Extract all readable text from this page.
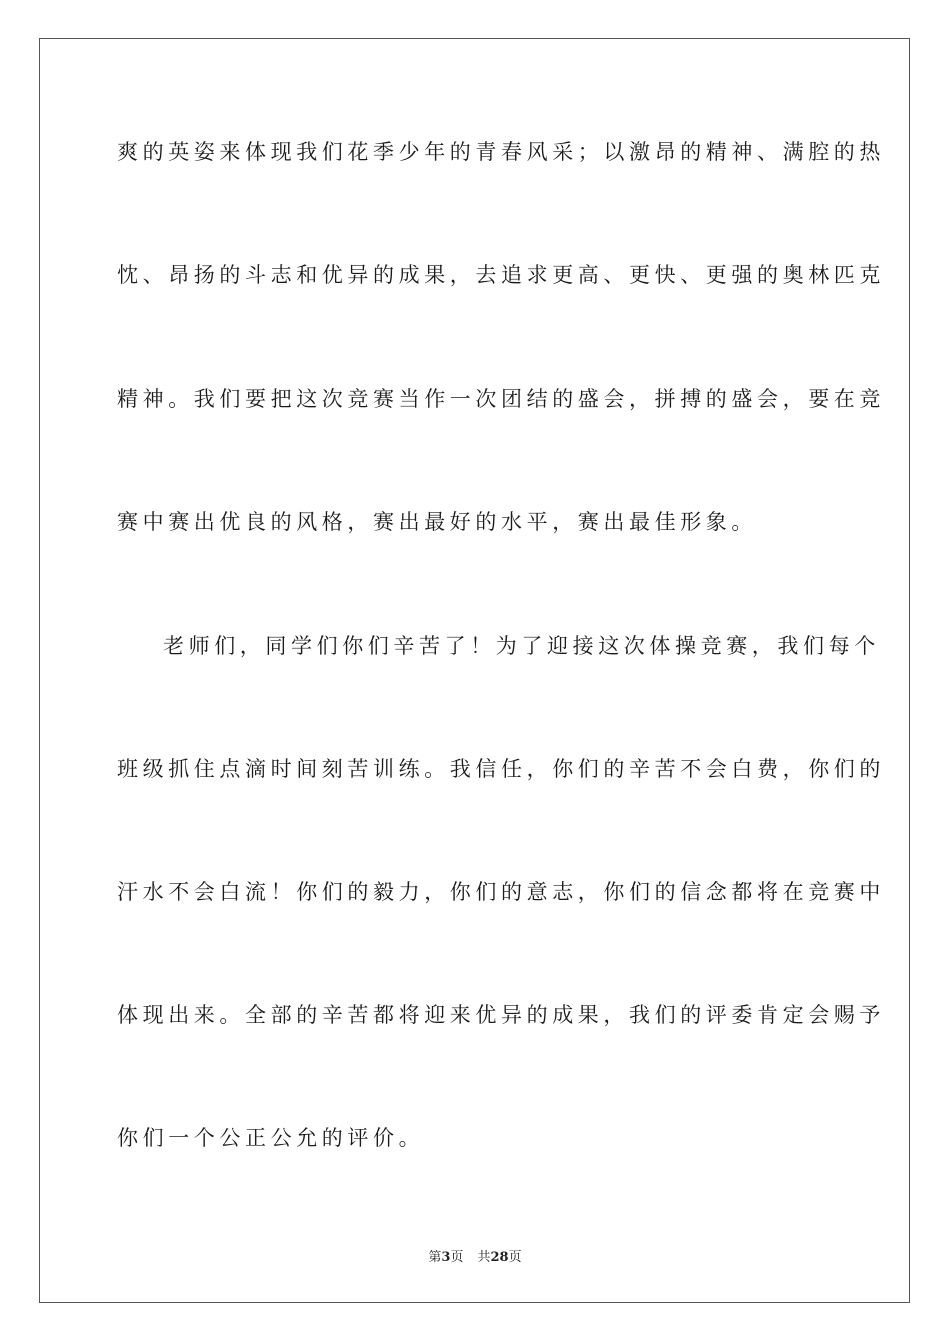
爽的英姿来体现我们花季少年的青春风采；以激昂的精神、满腔的热
忱、昂扬的斗志和优异的成果，去追求更高、更快、更强的奥林匹克
精神。我们要把这次竞赛当作一次团结的盛会，拼搏的盛会，要在竞
赛中赛出优良的风格，赛出最好的水平，赛出最佳形象。
老师们，同学们你们辛苦了！为了迎接这次体操竞赛，我们每个
班级抓住点滴时间刻苦训练。我信任，你们的辛苦不会白费，你们的
汗水不会白流！你们的毅力，你们的意志，你们的信念都将在竞赛中
体现出来。全部的辛苦都将迎来优异的成果，我们的评委肯定会赐予
你们一个公正公允的评价。
第3页 共28页
